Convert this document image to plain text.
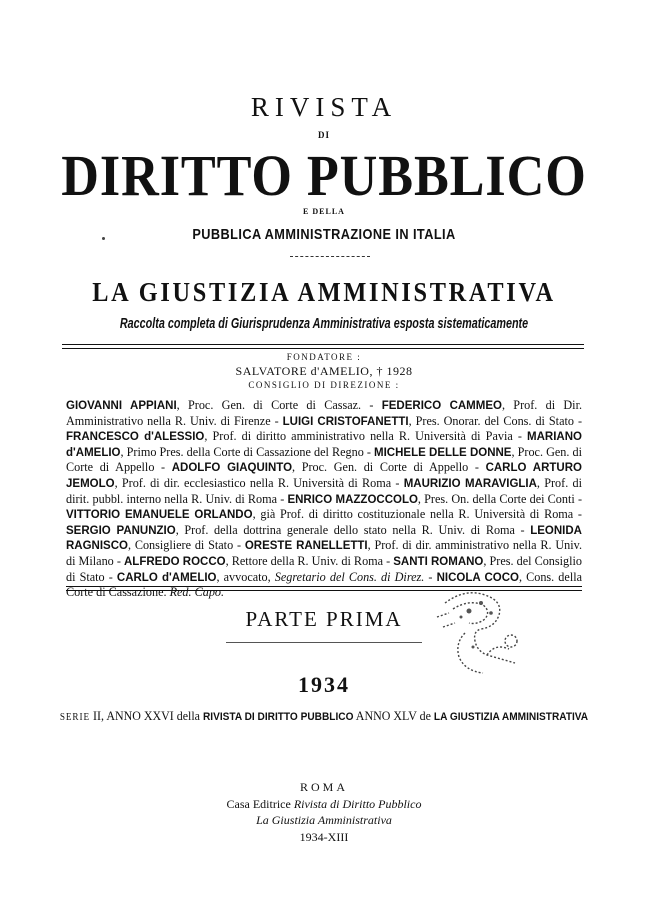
RIVISTA
DI
DIRITTO PUBBLICO
E DELLA
PUBBLICA AMMINISTRAZIONE IN ITALIA
LA GIUSTIZIA AMMINISTRATIVA
Raccolta completa di Giurisprudenza Amministrativa esposta sistematicamente
FONDATORE :
SALVATORE d'AMELIO, † 1928
CONSIGLIO DI DIREZIONE :
GIOVANNI APPIANI, Proc. Gen. di Corte di Cassaz. - FEDERICO CAMMEO, Prof. di Dir. Amministrativo nella R. Univ. di Firenze - LUIGI CRISTOFANETTI, Pres. Onorar. del Cons. di Stato - FRANCESCO d'ALESSIO, Prof. di diritto amministrativo nella R. Università di Pavia - MARIANO d'AMELIO, Primo Pres. della Corte di Cassazione del Regno - MICHELE DELLE DONNE, Proc. Gen. di Corte di Appello - ADOLFO GIAQUINTO, Proc. Gen. di Corte di Appello - CARLO ARTURO JEMOLO, Prof. di dir. ecclesiastico nella R. Università di Roma - MAURIZIO MARAVIGLIA, Prof. di dirit. pubbl. interno nella R. Univ. di Roma - ENRICO MAZZOCCOLO, Pres. On. della Corte dei Conti - VITTORIO EMANUELE ORLANDO, già Prof. di diritto costituzionale nella R. Università di Roma - SERGIO PANUNZIO, Prof. della dottrina generale dello stato nella R. Univ. di Roma - LEONIDA RAGNISCO, Consigliere di Stato - ORESTE RANELLETTI, Prof. di dir. amministrativo nella R. Univ. di Milano - ALFREDO ROCCO, Rettore della R. Univ. di Roma - SANTI ROMANO, Pres. del Consiglio di Stato - CARLO d'AMELIO, avvocato, Segretario del Cons. di Direz. - NICOLA COCO, Cons. della Corte di Cassazione. Red. Capo.
PARTE PRIMA
1934
SERIE II, ANNO XXVI della RIVISTA DI DIRITTO PUBBLICO ANNO XLV de LA GIUSTIZIA AMMINISTRATIVA
ROMA
Casa Editrice Rivista di Diritto Pubblico
La Giustizia Amministrativa
1934-XIII
